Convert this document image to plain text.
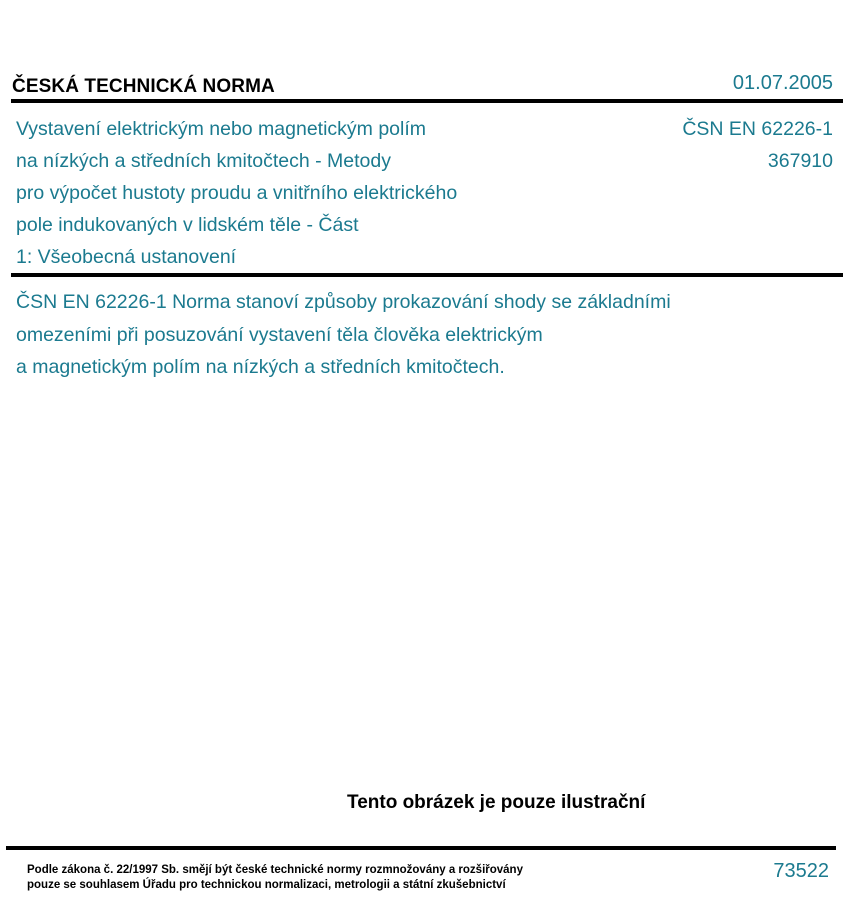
ČESKÁ TECHNICKÁ NORMA	01.07.2005
Vystavení elektrickým nebo magnetickým polím
na nízkých a středních kmitočtech - Metody
pro výpočet hustoty proudu a vnitřního elektrického
pole indukovaných v lidském těle - Část
1: Všeobecná ustanovení
ČSN EN 62226-1
367910
ČSN EN 62226-1 Norma stanoví způsoby prokazování shody se základními
omezeními při posuzování vystavení těla člověka elektrickým
a magnetickým polím na nízkých a středních kmitočtech.
Tento obrázek je pouze ilustrační
Podle zákona č. 22/1997 Sb. smějí být české technické normy rozmnožovány a rozšiřovány
pouze se souhlasem Úřadu pro technickou normalizaci, metrologii a státní zkušebnictví
73522
